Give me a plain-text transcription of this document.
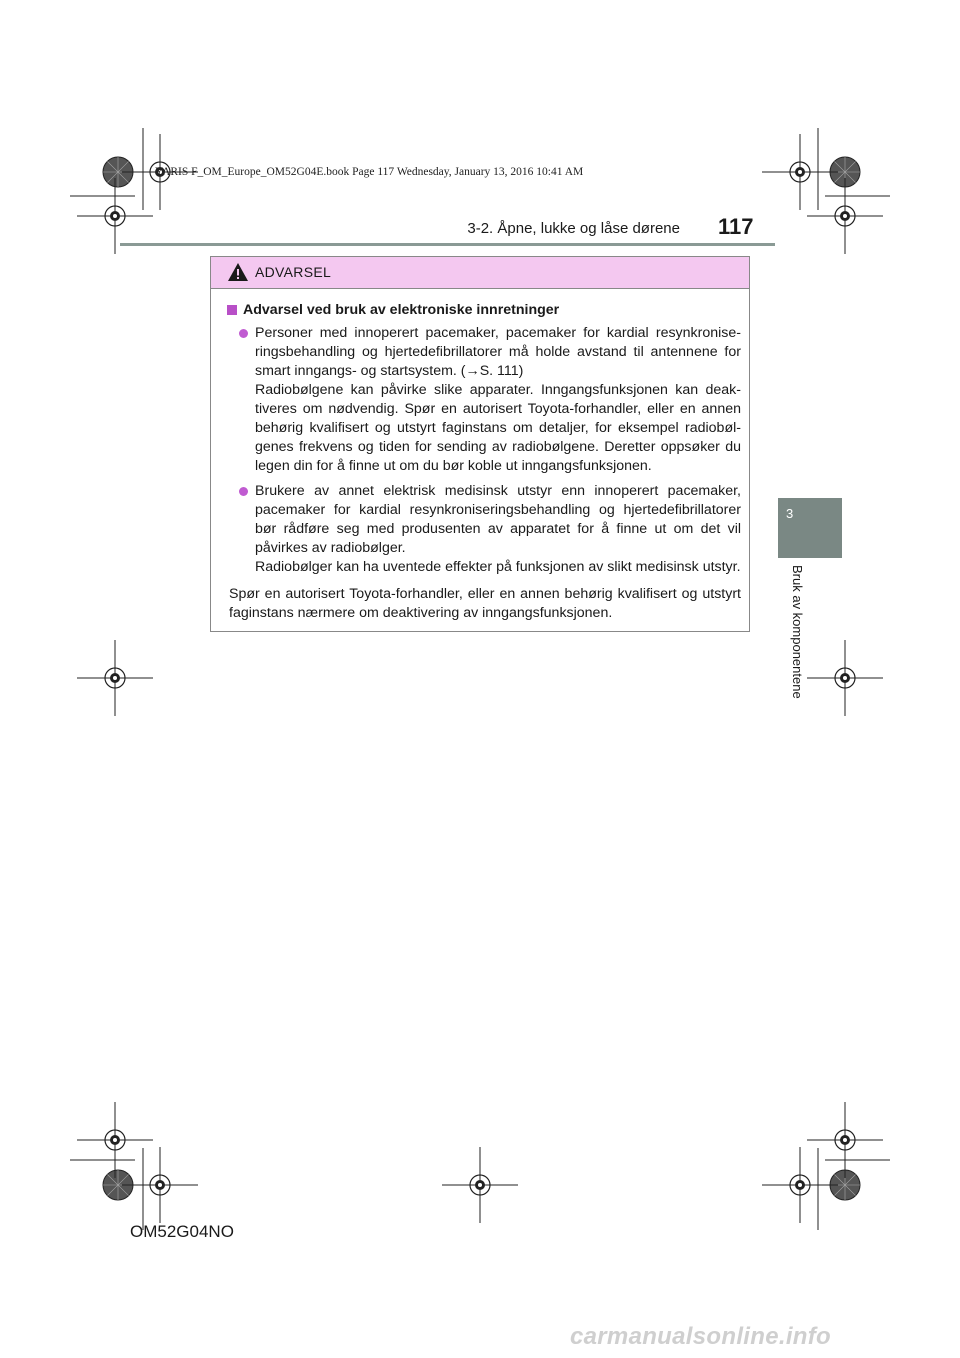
YARIS F_OM_Europe_OM52G04E.book Page 117 Wednesday, January 13, 2016 10:41 AM
3-2. Åpne, lukke og låse dørene 117
3
Bruk av komponentene
ADVARSEL
Advarsel ved bruk av elektroniske innretninger

Personer med innoperert pacemaker, pacemaker for kardial resynkronise-ringsbehandling og hjertedefibrillatorer må holde avstand til antennene for smart inngangs- og startsystem. (→S. 111)

Radiobølgene kan påvirke slike apparater. Inngangsfunksjonen kan deak-tiveres om nødvendig. Spør en autorisert Toyota-forhandler, eller en annen behørig kvalifisert og utstyrt faginstans om detaljer, for eksempel radiobøl-genes frekvens og tiden for sending av radiobølgene. Deretter oppsøker du legen din for å finne ut om du bør koble ut inngangsfunksjonen.

Brukere av annet elektrisk medisinsk utstyr enn innoperert pacemaker, pacemaker for kardial resynkroniseringsbehandling og hjertedefibrillatorer bør rådføre seg med produsenten av apparatet for å finne ut om det vil påvirkes av radiobølger.

Radiobølger kan ha uventede effekter på funksjonen av slikt medisinsk utstyr.

Spør en autorisert Toyota-forhandler, eller en annen behørig kvalifisert og utstyrt faginstans nærmere om deaktivering av inngangsfunksjonen.

OM52G04NO
carmanualsonline.info
